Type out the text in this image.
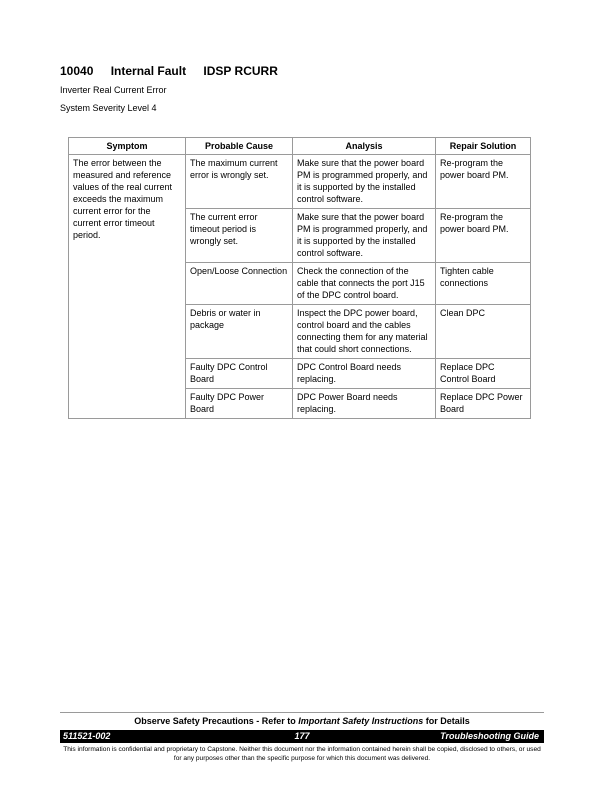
10040 Internal Fault IDSP RCURR
Inverter Real Current Error
System Severity Level 4
Symptom	Probable Cause	Analysis	Repair Solution
The error between the measured and reference values of the real current exceeds the maximum current error for the current error timeout period.	The maximum current error is wrongly set.	Make sure that the power board PM is programmed properly, and it is supported by the installed control software.	Re-program the power board PM.
	The current error timeout period is wrongly set.	Make sure that the power board PM is programmed properly, and it is supported by the installed control software.	Re-program the power board PM.
	Open/Loose Connection	Check the connection of the cable that connects the port J15 of the DPC control board.	Tighten cable connections
	Debris or water in package	Inspect the DPC power board, control board and the cables connecting them for any material that could short connections.	Clean DPC
	Faulty DPC Control Board	DPC Control Board needs replacing.	Replace DPC Control Board
	Faulty DPC Power Board	DPC Power Board needs replacing.	Replace DPC Power Board
Observe Safety Precautions - Refer to Important Safety Instructions for Details
511521-002	177	Troubleshooting Guide
This information is confidential and proprietary to Capstone. Neither this document nor the information contained herein shall be copied, disclosed to others, or used for any purposes other than the specific purpose for which this document was delivered.
